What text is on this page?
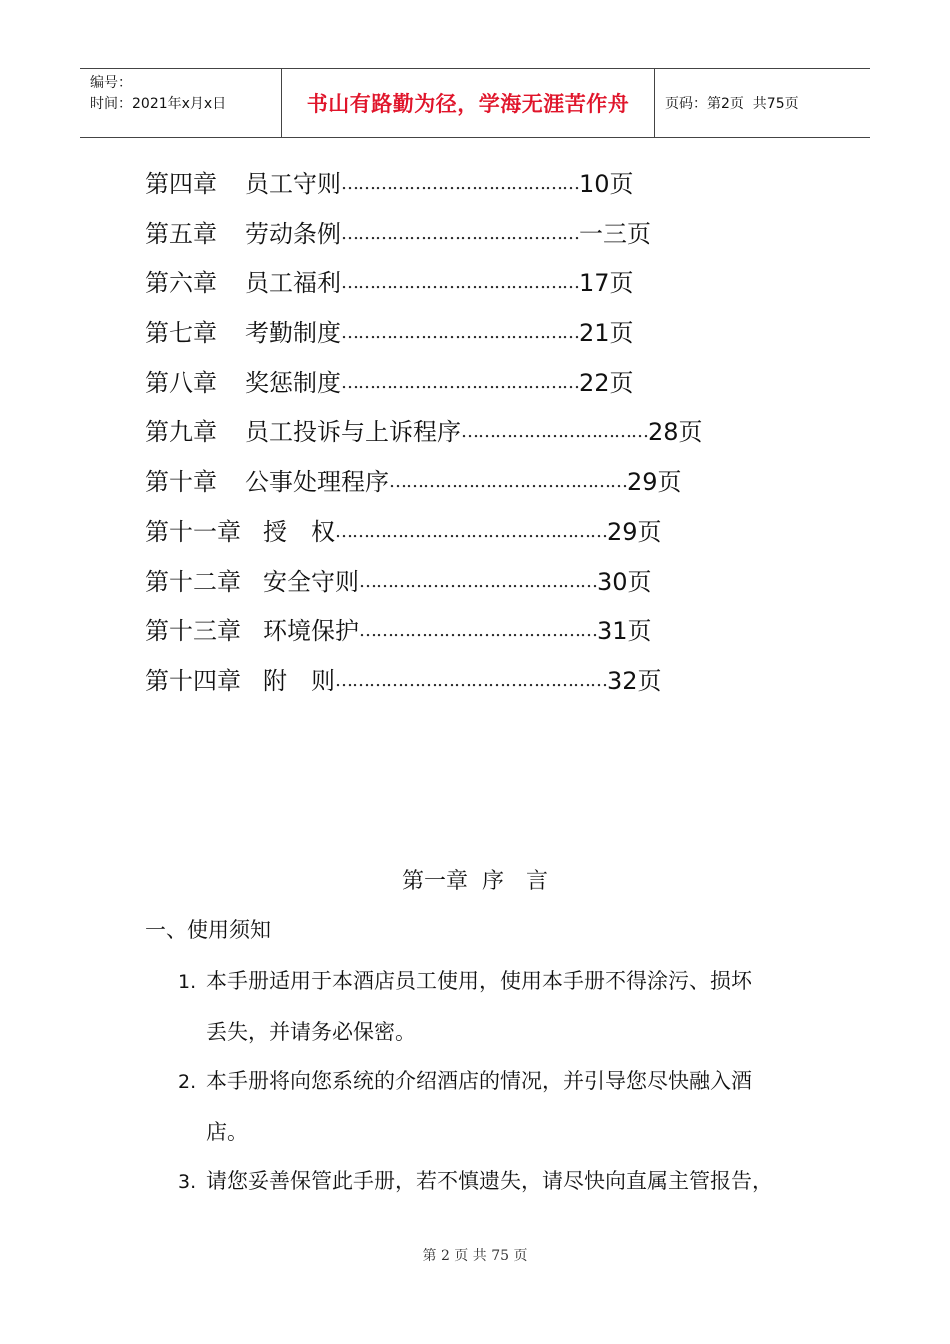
编号：
时间：2021年x月x日	书山有路勤为径，学海无涯苦作舟	页码：第2页  共75页
第四章	员工守则 …………………………………… 10页
第五章	劳动条例 …………………………………… 一三页
第六章	员工福利 …………………………………… 17页
第七章	考勤制度 …………………………………… 21页
第八章	奖惩制度 …………………………………… 22页
第九章	员工投诉与上诉程序 …………………………… 28页
第十章	公事处理程序 …………………………………… 29页
第十一章 授　权 ………………………………………… 29页
第十二章 安全守则 …………………………………… 30页
第十三章 环境保护 …………………………………… 31页
第十四章 附　则 ………………………………………… 32页
第一章 序　言
一、使用须知
1. 本手册适用于本酒店员工使用，使用本手册不得涂污、损坏
丢失，并请务必保密。
2. 本手册将向您系统的介绍酒店的情况，并引导您尽快融入酒
店。
3. 请您妥善保管此手册，若不慎遗失，请尽快向直属主管报告，
第 2 页 共 75 页
